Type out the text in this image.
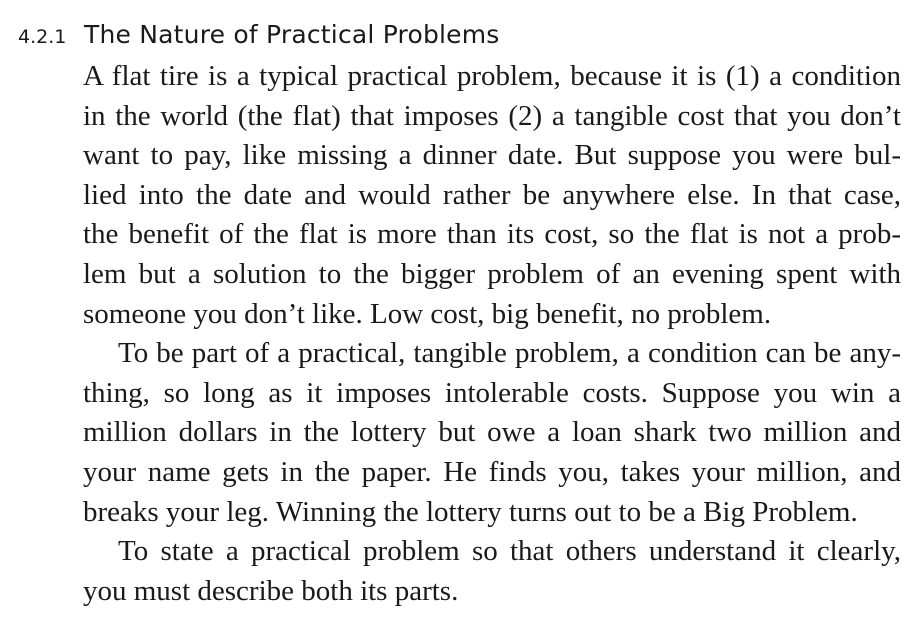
4.2.1 The Nature of Practical Problems
A flat tire is a typical practical problem, because it is (1) a condition
in the world (the flat) that imposes (2) a tangible cost that you don’t
want to pay, like missing a dinner date. But suppose you were bul-
lied into the date and would rather be anywhere else. In that case,
the benefit of the flat is more than its cost, so the flat is not a prob-
lem but a solution to the bigger problem of an evening spent with
someone you don’t like. Low cost, big benefit, no problem.
To be part of a practical, tangible problem, a condition can be any-
thing, so long as it imposes intolerable costs. Suppose you win a
million dollars in the lottery but owe a loan shark two million and
your name gets in the paper. He finds you, takes your million, and
breaks your leg. Winning the lottery turns out to be a Big Problem.
To state a practical problem so that others understand it clearly,
you must describe both its parts.
